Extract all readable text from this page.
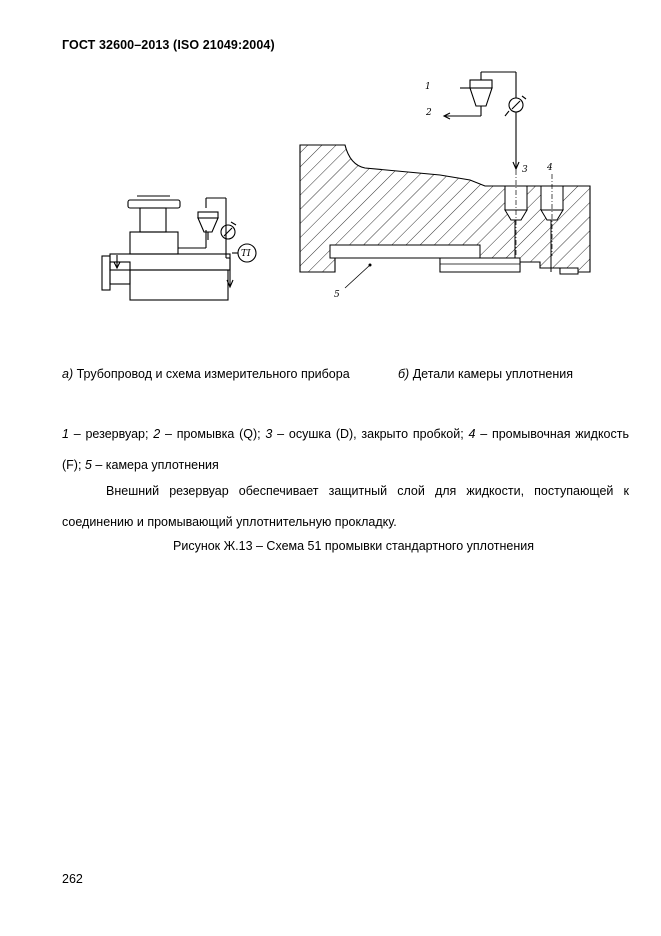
ГОСТ 32600–2013 (ISO 21049:2004)
TI
1
2
3 4
5
а) Трубопровод и схема измерительного прибора	б) Детали камеры уплотнения
1 – резервуар; 2 – промывка (Q); 3 – осушка (D), закрыто пробкой; 4 – промывочная жидкость (F); 5 – камера уплотнения
Внешний резервуар обеспечивает защитный слой для жидкости, поступающей к соединению и промывающий уплотнительную прокладку.
Рисунок Ж.13 – Схема 51 промывки стандартного уплотнения
262
